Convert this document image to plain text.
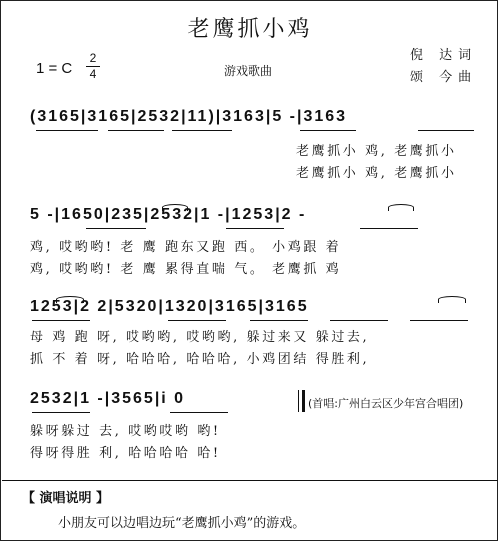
老鹰抓小鸡
1 = C
2
4	游戏歌曲
倪 达词
颂 今曲
(3165|3165|2532|11)|3163|5 -|3163
老鹰抓小 鸡, 老鹰抓小
老鹰抓小 鸡, 老鹰抓小
5 -|1650|235|2532|1 -|1253|2 -
鸡, 哎哟哟! 老 鹰 跑东又跑 西。 小鸡跟 着
鸡, 哎哟哟! 老 鹰 累得直喘 气。 老鹰抓 鸡
1253|2 2|5320|1320|3165|3165
母 鸡 跑 呀, 哎哟哟, 哎哟哟, 躲过来又 躲过去,
抓 不 着 呀, 哈哈哈, 哈哈哈, 小鸡团结 得胜利,
2532|1 -|3565|i 0	(首唱:广州白云区少年宫合唱团)
躲呀躲过 去, 哎哟哎哟 哟!
得呀得胜 利, 哈哈哈哈 哈!
【 演唱说明 】
小朋友可以边唱边玩“老鹰抓小鸡”的游戏。
